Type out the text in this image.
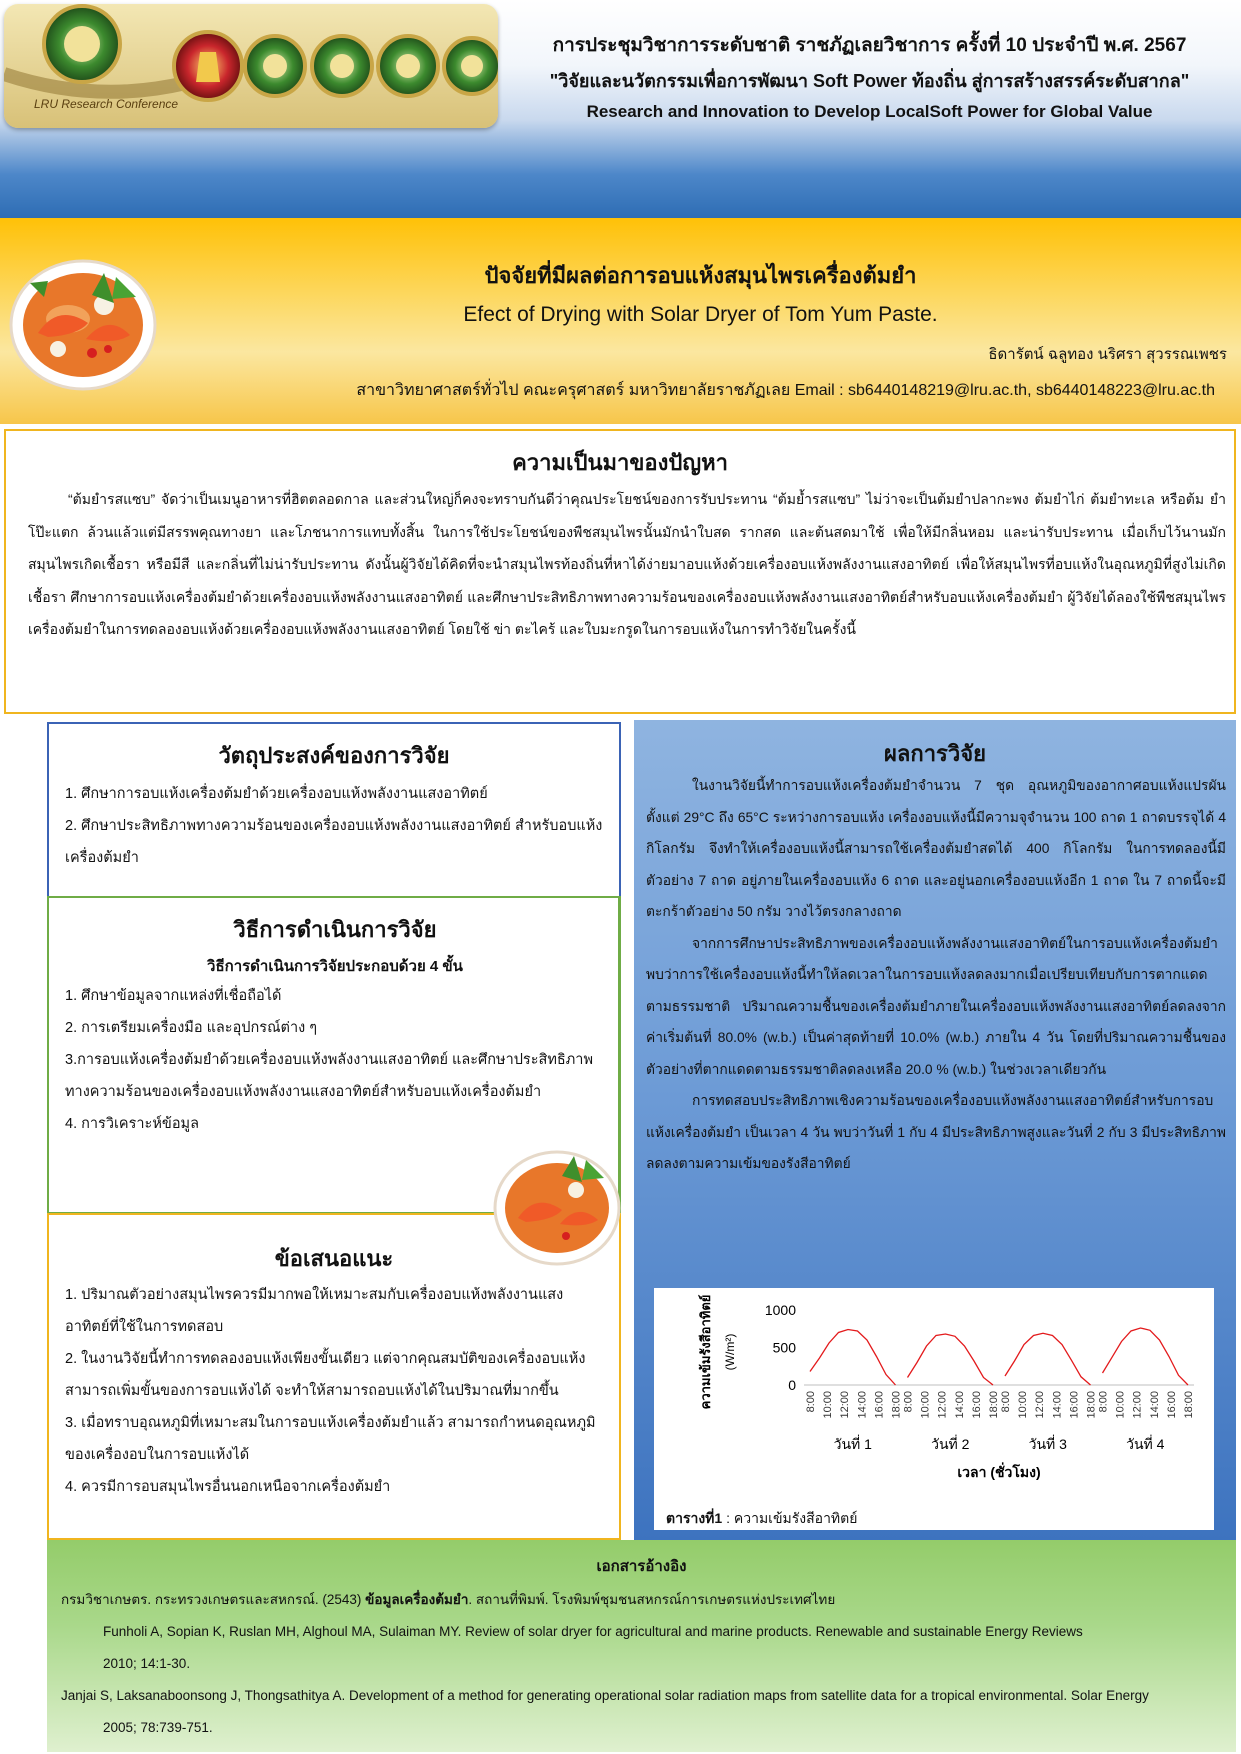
LRU Research Conference
การประชุมวิชาการระดับชาติ ราชภัฏเลยวิชาการ ครั้งที่ 10 ประจำปี พ.ศ. 2567
"วิจัยและนวัตกรรมเพื่อการพัฒนา Soft Power ท้องถิ่น สู่การสร้างสรรค์ระดับสากล"
Research and Innovation to Develop LocalSoft Power for Global Value
ปัจจัยที่มีผลต่อการอบแห้งสมุนไพรเครื่องต้มยำ
Efect of Drying with Solar Dryer of Tom Yum Paste.
ธิดารัตน์ ฉลูทอง นริศรา สุวรรณเพชร
สาขาวิทยาศาสตร์ทั่วไป คณะครุศาสตร์ มหาวิทยาลัยราชภัฏเลย Email : sb6440148219@lru.ac.th, sb6440148223@lru.ac.th
ความเป็นมาของปัญหา

“ต้มยำรสแซบ” จัดว่าเป็นเมนูอาหารที่ฮิตตลอดกาล และส่วนใหญ่ก็คงจะทราบกันดีว่าคุณประโยชน์ของการรับประทาน “ต้มย้ำรสแซบ” ไม่ว่าจะเป็นต้มยำปลากะพง ต้มยำไก่ ต้มยำทะเล หรือต้ม ยำโป๊ะแตก ล้วนแล้วแต่มีสรรพคุณทางยา และโภชนาการแทบทั้งสิ้น ในการใช้ประโยชน์ของพืชสมุนไพรนั้นมักนำใบสด รากสด และต้นสดมาใช้ เพื่อให้มีกลิ่นหอม และน่ารับประทาน เมื่อเก็บไว้นานมักสมุนไพรเกิดเชื้อรา หรือมีสี และกลิ่นที่ไม่น่ารับประทาน ดังนั้นผู้วิจัยได้คิดที่จะนำสมุนไพรท้องถิ่นที่หาได้ง่ายมาอบแห้งด้วยเครื่องอบแห้งพลังงานแสงอาทิตย์ เพื่อให้สมุนไพรที่อบแห้งในอุณหภูมิที่สูงไม่เกิดเชื้อรา ศึกษาการอบแห้งเครื่องต้มยำด้วยเครื่องอบแห้งพลังงานแสงอาทิตย์ และศึกษาประสิทธิภาพทางความร้อนของเครื่องอบแห้งพลังงานแสงอาทิตย์สำหรับอบแห้งเครื่องต้มยำ ผู้วิจัยได้ลองใช้พืชสมุนไพรเครื่องต้มยำในการทดลองอบแห้งด้วยเครื่องอบแห้งพลังงานแสงอาทิตย์ โดยใช้ ข่า ตะไคร้ และใบมะกรูดในการอบแห้งในการทำวิจัยในครั้งนี้

วัตถุประสงค์ของการวิจัย
1. ศึกษาการอบแห้งเครื่องต้มยำด้วยเครื่องอบแห้งพลังงานแสงอาทิตย์
2. ศึกษาประสิทธิภาพทางความร้อนของเครื่องอบแห้งพลังงานแสงอาทิตย์ สำหรับอบแห้งเครื่องต้มยำ
วิธีการดำเนินการวิจัย
วิธีการดำเนินการวิจัยประกอบด้วย 4 ขั้น
1. ศึกษาข้อมูลจากแหล่งที่เชื่อถือได้
2. การเตรียมเครื่องมือ และอุปกรณ์ต่าง ๆ
3.การอบแห้งเครื่องต้มยำด้วยเครื่องอบแห้งพลังงานแสงอาทิตย์ และศึกษาประสิทธิภาพทางความร้อนของเครื่องอบแห้งพลังงานแสงอาทิตย์สำหรับอบแห้งเครื่องต้มยำ
4. การวิเคราะห์ข้อมูล
ข้อเสนอแนะ
1. ปริมาณตัวอย่างสมุนไพรควรมีมากพอให้เหมาะสมกับเครื่องอบแห้งพลังงานแสงอาทิตย์ที่ใช้ในการทดสอบ
2. ในงานวิจัยนี้ทำการทดลองอบแห้งเพียงขั้นเดียว แต่จากคุณสมบัติของเครื่องอบแห้งสามารถเพิ่มขั้นของการอบแห้งได้ จะทำให้สามารถอบแห้งได้ในปริมาณที่มากขึ้น
3. เมื่อทราบอุณหภูมิที่เหมาะสมในการอบแห้งเครื่องต้มยำแล้ว สามารถกำหนดอุณหภูมิของเครื่องอบในการอบแห้งได้
4. ควรมีการอบสมุนไพรอื่นนอกเหนือจากเครื่องต้มยำ
ผลการวิจัย

ในงานวิจัยนี้ทำการอบแห้งเครื่องต้มยำจำนวน 7 ชุด อุณหภูมิของอากาศอบแห้งแปรผันตั้งแต่ 29°C ถึง 65°C ระหว่างการอบแห้ง เครื่องอบแห้งนี้มีความจุจำนวน 100 ถาด 1 ถาดบรรจุได้ 4 กิโลกรัม จึงทำให้เครื่องอบแห้งนี้สามารถใช้เครื่องต้มยำสดได้ 400 กิโลกรัม ในการทดลองนี้มีตัวอย่าง 7 ถาด อยู่ภายในเครื่องอบแห้ง 6 ถาด และอยู่นอกเครื่องอบแห้งอีก 1 ถาด ใน 7 ถาดนี้จะมีตะกร้าตัวอย่าง 50 กรัม วางไว้ตรงกลางถาด

จากการศึกษาประสิทธิภาพของเครื่องอบแห้งพลังงานแสงอาทิตย์ในการอบแห้งเครื่องต้มยำ พบว่าการใช้เครื่องอบแห้งนี้ทำให้ลดเวลาในการอบแห้งลดลงมากเมื่อเปรียบเทียบกับการตากแดดตามธรรมชาติ ปริมาณความชื้นของเครื่องต้มยำภายในเครื่องอบแห้งพลังงานแสงอาทิตย์ลดลงจากค่าเริ่มต้นที่ 80.0% (w.b.) เป็นค่าสุดท้ายที่ 10.0% (w.b.) ภายใน 4 วัน โดยที่ปริมาณความชื้นของตัวอย่างที่ตากแดดตามธรรมชาติลดลงเหลือ 20.0 % (w.b.) ในช่วงเวลาเดียวกัน

การทดสอบประสิทธิภาพเชิงความร้อนของเครื่องอบแห้งพลังงานแสงอาทิตย์สำหรับการอบแห้งเครื่องต้มยำ เป็นเวลา 4 วัน พบว่าวันที่ 1 กับ 4 มีประสิทธิภาพสูงและวันที่ 2 กับ 3 มีประสิทธิภาพลดลงตามความเข้มของรังสีอาทิตย์

ความเข้มรังสีอาทิตย์ (W/m²)
0
500
1000
8:00 10:00 12:00 14:00 16:00 18:00
วันที่ 1
8:00 10:00 12:00 14:00 16:00 18:00
วันที่ 2
8:00 10:00 12:00 14:00 16:00 18:00
วันที่ 3
8:00 10:00 12:00 14:00 16:00 18:00
วันที่ 4
เวลา (ชั่วโมง)
ตารางที่1 : ความเข้มรังสีอาทิตย์
เอกสารอ้างอิง
กรมวิชาเกษตร. กระทรวงเกษตรและสหกรณ์. (2543) ข้อมูลเครื่องต้มยำ. สถานที่พิมพ์. โรงพิมพ์ชุมชนสหกรณ์การเกษตรแห่งประเทศไทย
Funholi A, Sopian K, Ruslan MH, Alghoul MA, Sulaiman MY. Review of solar dryer for agricultural and marine products. Renewable and sustainable Energy Reviews
2010; 14:1-30.
Janjai S, Laksanaboonsong J, Thongsathitya A. Development of a method for generating operational solar radiation maps from satellite data for a tropical environmental. Solar Energy
2005; 78:739-751.
